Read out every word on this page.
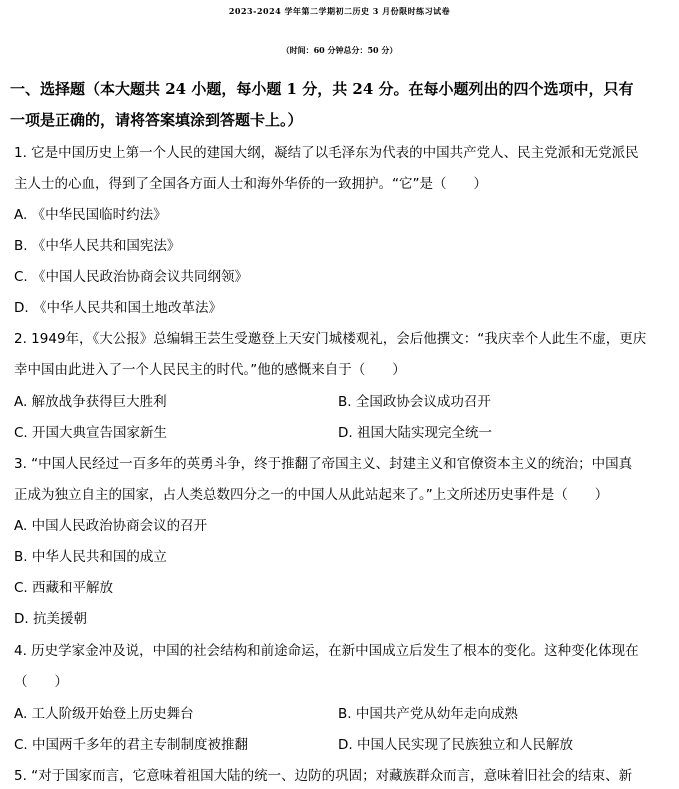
2023-2024 学年第二学期初二历史 3 月份限时练习试卷
（时间：60 分钟总分：50 分）
一、选择题（本大题共 24 小题，每小题 1 分，共 24 分。在每小题列出的四个选项中，只有
一项是正确的，请将答案填涂到答题卡上。）
1. 它是中国历史上第一个人民的建国大纲，凝结了以毛泽东为代表的中国共产党人、民主党派和无党派民
主人士的心血，得到了全国各方面人士和海外华侨的一致拥护。“它”是（　　）
A. 《中华民国临时约法》
B. 《中华人民共和国宪法》
C. 《中国人民政治协商会议共同纲领》
D. 《中华人民共和国土地改革法》
2. 1949年，《大公报》总编辑王芸生受邀登上天安门城楼观礼，会后他撰文：“我庆幸个人此生不虚，更庆
幸中国由此进入了一个人民民主的时代。”他的感慨来自于（　　）
A. 解放战争获得巨大胜利	B. 全国政协会议成功召开
C. 开国大典宣告国家新生	D. 祖国大陆实现完全统一
3. “中国人民经过一百多年的英勇斗争，终于推翻了帝国主义、封建主义和官僚资本主义的统治；中国真
正成为独立自主的国家，占人类总数四分之一的中国人从此站起来了。”上文所述历史事件是（　　）
A. 中国人民政治协商会议的召开
B. 中华人民共和国的成立
C. 西藏和平解放
D. 抗美援朝
4. 历史学家金冲及说，中国的社会结构和前途命运，在新中国成立后发生了根本的变化。这种变化体现在
（　　）
A. 工人阶级开始登上历史舞台	B. 中国共产党从幼年走向成熟
C. 中国两千多年的君主专制制度被推翻	D. 中国人民实现了民族独立和人民解放
5. “对于国家而言，它意味着祖国大陆的统一、边防的巩固；对藏族群众而言，意味着旧社会的结束、新
